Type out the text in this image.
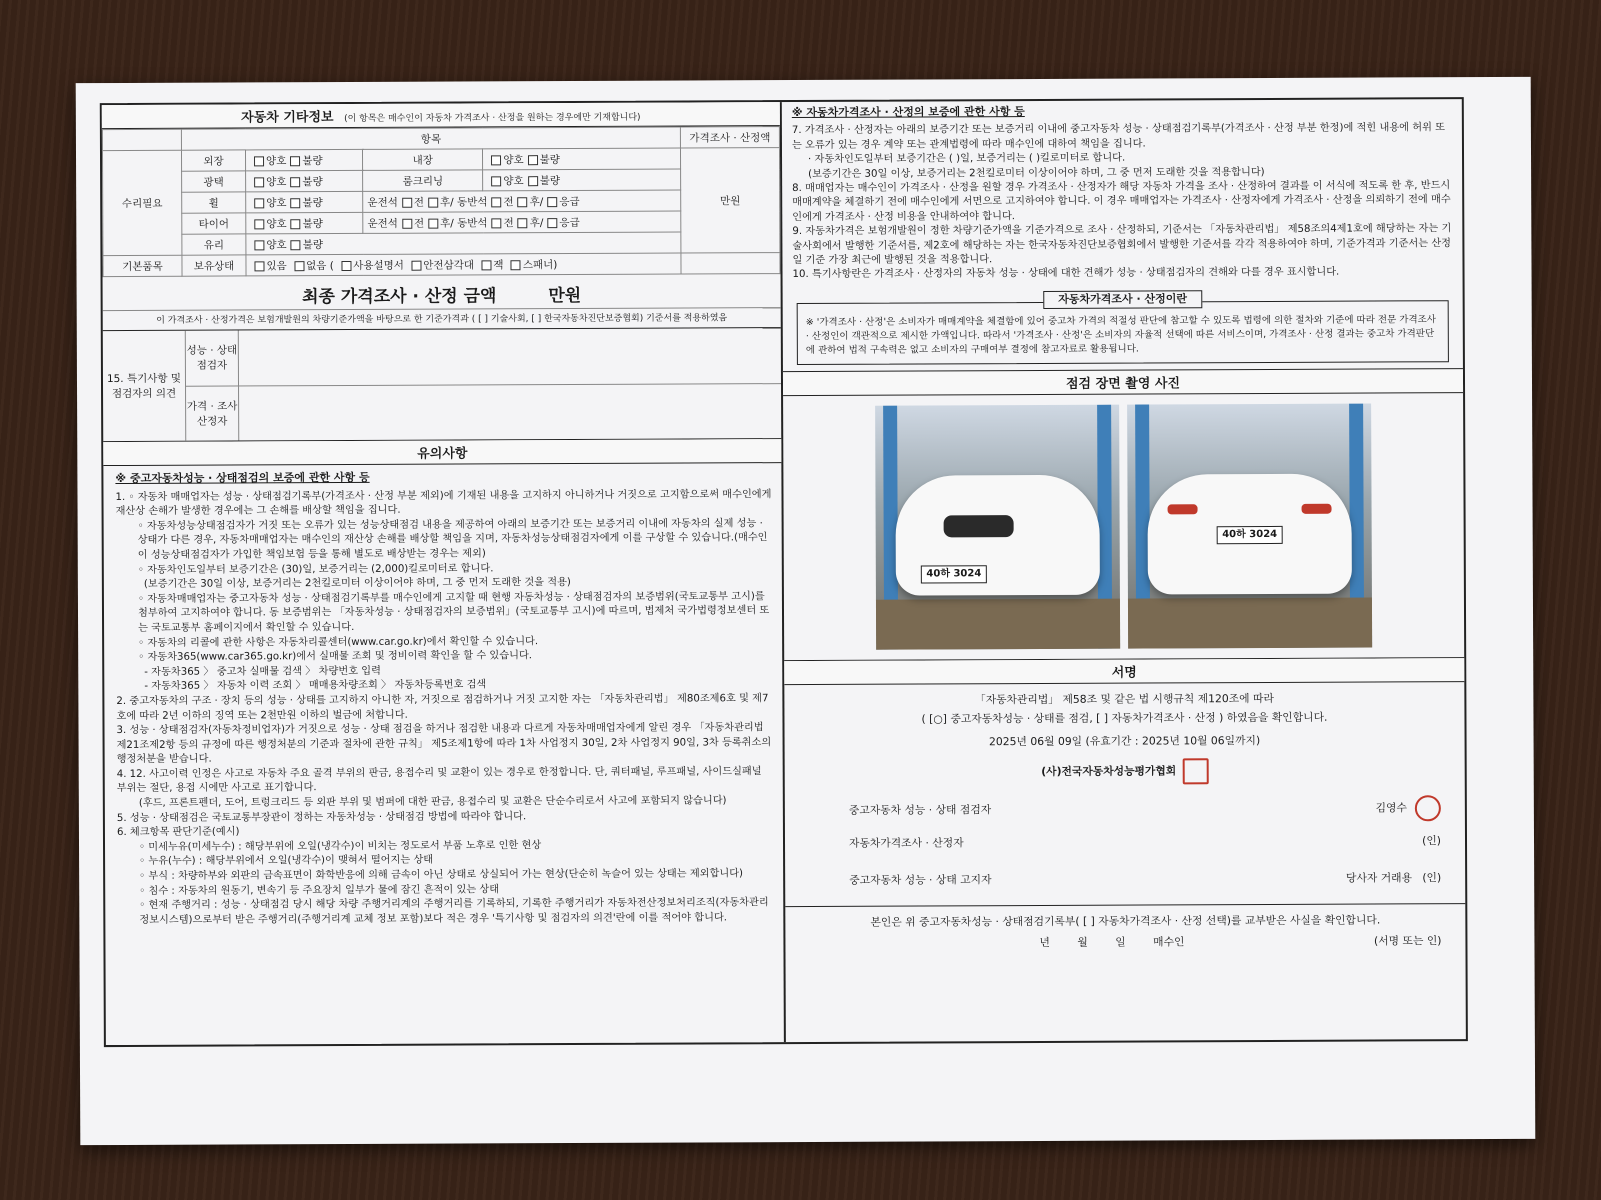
자동차 기타정보 (이 항목은 매수인이 자동차 가격조사 · 산정을 원하는 경우에만 기재합니다)
	항목				가격조사 · 산정액
수리필요	외장	양호 불량	내장	양호 불량	만원
	광택	양호 불량	룸크리닝	양호 불량	
	휠	양호 불량	운전석 전 후/ 동반석 전 후/ 응급		
	타이어	양호 불량	운전석 전 후/ 동반석 전 후/ 응급		
	유리	양호 불량			
기본품목	보유상태	있음 없음 ( 사용설명서 안전삼각대 잭 스패너)			
최종 가격조사 · 산정 금액	만원
이 가격조사 · 산정가격은 보험개발원의 차량기준가액을 바탕으로 한 기준가격과 ( [ ] 기술사회, [ ] 한국자동차진단보증협회) 기준서를 적용하였음
15. 특기사항 및 점검자의 의견
성능 · 상태 점검자
가격 · 조사 산정자
유의사항
※ 중고자동차성능 · 상태점검의 보증에 관한 사항 등

1. ◦ 자동차 매매업자는 성능 · 상태점검기록부(가격조사 · 산정 부분 제외)에 기재된 내용을 고지하지 아니하거나 거짓으로 고지함으로써 매수인에게 재산상 손해가 발생한 경우에는 그 손해를 배상할 책임을 집니다.

◦ 자동차성능상태점검자가 거짓 또는 오류가 있는 성능상태점검 내용을 제공하여 아래의 보증기간 또는 보증거리 이내에 자동차의 실제 성능 · 상태가 다른 경우, 자동차매매업자는 매수인의 재산상 손해를 배상할 책임을 지며, 자동차성능상태점검자에게 이를 구상할 수 있습니다.(매수인이 성능상태점검자가 가입한 책임보험 등을 통해 별도로 배상받는 경우는 제외)

◦ 자동차인도일부터 보증기간은 (30)일, 보증거리는 (2,000)킬로미터로 합니다.

(보증기간은 30일 이상, 보증거리는 2천킬로미터 이상이어야 하며, 그 중 먼저 도래한 것을 적용)

◦ 자동차매매업자는 중고자동차 성능 · 상태점검기록부를 매수인에게 고지할 때 현행 자동차성능 · 상태점검자의 보증범위(국토교통부 고시)를 첨부하여 고지하여야 합니다. 동 보증범위는 「자동차성능 · 상태점검자의 보증범위」(국토교통부 고시)에 따르며, 법제처 국가법령정보센터 또는 국토교통부 홈페이지에서 확인할 수 있습니다.

◦ 자동차의 리콜에 관한 사항은 자동차리콜센터(www.car.go.kr)에서 확인할 수 있습니다.

◦ 자동차365(www.car365.go.kr)에서 실매물 조회 및 정비이력 확인을 할 수 있습니다.

- 자동차365 〉 중고차 실매물 검색 〉 차량번호 입력

- 자동차365 〉 자동차 이력 조회 〉 매매용차량조회 〉 자동차등록번호 검색

2. 중고자동차의 구조 · 장치 등의 성능 · 상태를 고지하지 아니한 자, 거짓으로 점검하거나 거짓 고지한 자는 「자동차관리법」 제80조제6호 및 제7호에 따라 2년 이하의 징역 또는 2천만원 이하의 벌금에 처합니다.

3. 성능 · 상태점검자(자동차정비업자)가 거짓으로 성능 · 상태 점검을 하거나 점검한 내용과 다르게 자동차매매업자에게 알린 경우 「자동차관리법 제21조제2항 등의 규정에 따른 행정처분의 기준과 절차에 관한 규칙」 제5조제1항에 따라 1차 사업정지 30일, 2차 사업정지 90일, 3차 등록취소의 행정처분을 받습니다.

4. 12. 사고이력 인정은 사고로 자동차 주요 골격 부위의 판금, 용접수리 및 교환이 있는 경우로 한정합니다. 단, 쿼터패널, 루프패널, 사이드실패널 부위는 절단, 용접 시에만 사고로 표기합니다.

(후드, 프론트펜더, 도어, 트렁크리드 등 외판 부위 및 범퍼에 대한 판금, 용접수리 및 교환은 단순수리로서 사고에 포함되지 않습니다)

5. 성능 · 상태점검은 국토교통부장관이 정하는 자동차성능 · 상태점검 방법에 따라야 합니다.

6. 체크항목 판단기준(예시)

◦ 미세누유(미세누수) : 해당부위에 오일(냉각수)이 비치는 정도로서 부품 노후로 인한 현상

◦ 누유(누수) : 해당부위에서 오일(냉각수)이 맺혀서 떨어지는 상태

◦ 부식 : 차량하부와 외판의 금속표면이 화학반응에 의해 금속이 아닌 상태로 상실되어 가는 현상(단순히 녹슬어 있는 상태는 제외합니다)

◦ 침수 : 자동차의 원동기, 변속기 등 주요장치 일부가 물에 잠긴 흔적이 있는 상태

◦ 현재 주행거리 : 성능 · 상태점검 당시 해당 차량 주행거리계의 주행거리를 기록하되, 기록한 주행거리가 자동차전산정보처리조직(자동차관리정보시스템)으로부터 받은 주행거리(주행거리계 교체 정보 포함)보다 적은 경우 '특기사항 및 점검자의 의견'란에 이를 적어야 합니다.

※ 자동차가격조사 · 산정의 보증에 관한 사항 등

7. 가격조사 · 산정자는 아래의 보증기간 또는 보증거리 이내에 중고자동차 성능 · 상태점검기록부(가격조사 · 산정 부분 한정)에 적힌 내용에 허위 또는 오류가 있는 경우 계약 또는 관계법령에 따라 매수인에 대하여 책임을 집니다.

· 자동차인도일부터 보증기간은 ( )일, 보증거리는 ( )킬로미터로 합니다.

(보증기간은 30일 이상, 보증거리는 2천킬로미터 이상이어야 하며, 그 중 먼저 도래한 것을 적용합니다)

8. 매매업자는 매수인이 가격조사 · 산정을 원할 경우 가격조사 · 산정자가 해당 자동차 가격을 조사 · 산정하여 결과를 이 서식에 적도록 한 후, 반드시 매매계약을 체결하기 전에 매수인에게 서면으로 고지하여야 합니다. 이 경우 매매업자는 가격조사 · 산정자에게 가격조사 · 산정을 의뢰하기 전에 매수인에게 가격조사 · 산정 비용을 안내하여야 합니다.

9. 자동차가격은 보험개발원이 정한 차량기준가액을 기준가격으로 조사 · 산정하되, 기준서는 「자동차관리법」 제58조의4제1호에 해당하는 자는 기술사회에서 발행한 기준서를, 제2호에 해당하는 자는 한국자동차진단보증협회에서 발행한 기준서를 각각 적용하여야 하며, 기준가격과 기준서는 산정일 기준 가장 최근에 발행된 것을 적용합니다.

10. 특기사항란은 가격조사 · 산정자의 자동차 성능 · 상태에 대한 견해가 성능 · 상태점검자의 견해와 다를 경우 표시합니다.

자동차가격조사 · 산정이란
※ '가격조사 · 산정'은 소비자가 매매계약을 체결함에 있어 중고차 가격의 적절성 판단에 참고할 수 있도록 법령에 의한 절차와 기준에 따라 전문 가격조사 · 산정인이 객관적으로 제시한 가액입니다. 따라서 '가격조사 · 산정'은 소비자의 자율적 선택에 따른 서비스이며, 가격조사 · 산정 결과는 중고차 가격판단에 관하여 법적 구속력은 없고 소비자의 구매여부 결정에 참고자료로 활용됩니다.
점검 장면 촬영 사진
40하 3024
40하 3024
서명
「자동차관리법」 제58조 및 같은 법 시행규칙 제120조에 따라
( [○] 중고자동차성능 · 상태를 점검, [ ] 자동차가격조사 · 산정 ) 하였음을 확인합니다.
2025년 06월 09일 (유효기간 : 2025년 10월 06일까지)
(사)전국자동차성능평가협회
중고자동차 성능 · 상태 점검자	김영수
자동차가격조사 · 산정자	(인)
중고자동차 성능 · 상태 고지자	당사자 거래용 (인)
본인은 위 중고자동차성능 · 상태점검기록부( [ ] 자동차가격조사 · 산정 선택)를 교부받은 사실을 확인합니다.
년	월	일	매수인	(서명 또는 인)
